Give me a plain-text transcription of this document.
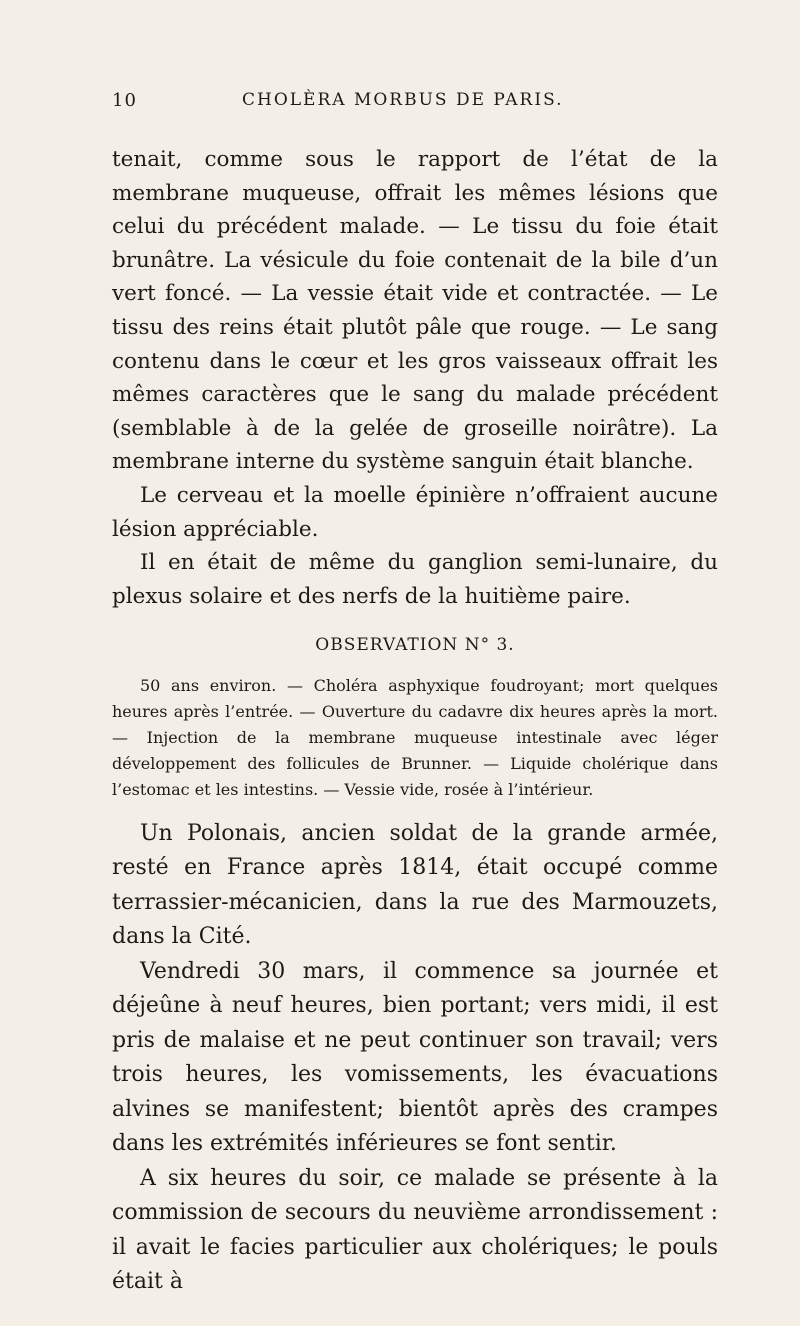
10	CHOLÈRA MORBUS DE PARIS.

tenait, comme sous le rapport de l’état de la membrane muqueuse, offrait les mêmes lésions que celui du précédent malade. — Le tissu du foie était brunâtre. La vésicule du foie contenait de la bile d’un vert foncé. — La vessie était vide et contractée. — Le tissu des reins était plutôt pâle que rouge. — Le sang contenu dans le cœur et les gros vaisseaux offrait les mêmes caractères que le sang du malade précédent (semblable à de la gelée de groseille noirâtre). La membrane interne du système sanguin était blanche.

Le cerveau et la moelle épinière n’offraient aucune lésion appréciable.

Il en était de même du ganglion semi-lunaire, du plexus solaire et des nerfs de la huitième paire.

OBSERVATION N° 3.

50 ans environ. — Choléra asphyxique foudroyant; mort quelques heures après l’entrée. — Ouverture du cadavre dix heures après la mort. — Injection de la membrane muqueuse intestinale avec léger développement des follicules de Brunner. — Liquide cholérique dans l’estomac et les intestins. — Vessie vide, rosée à l’intérieur.

Un Polonais, ancien soldat de la grande armée, resté en France après 1814, était occupé comme terrassier-mécanicien, dans la rue des Marmouzets, dans la Cité.

Vendredi 30 mars, il commence sa journée et déjeûne à neuf heures, bien portant; vers midi, il est pris de malaise et ne peut continuer son travail; vers trois heures, les vomissements, les évacuations alvines se manifestent; bientôt après des crampes dans les extrémités inférieures se font sentir.

A six heures du soir, ce malade se présente à la commission de secours du neuvième arrondissement : il avait le facies particulier aux cholériques; le pouls était à
